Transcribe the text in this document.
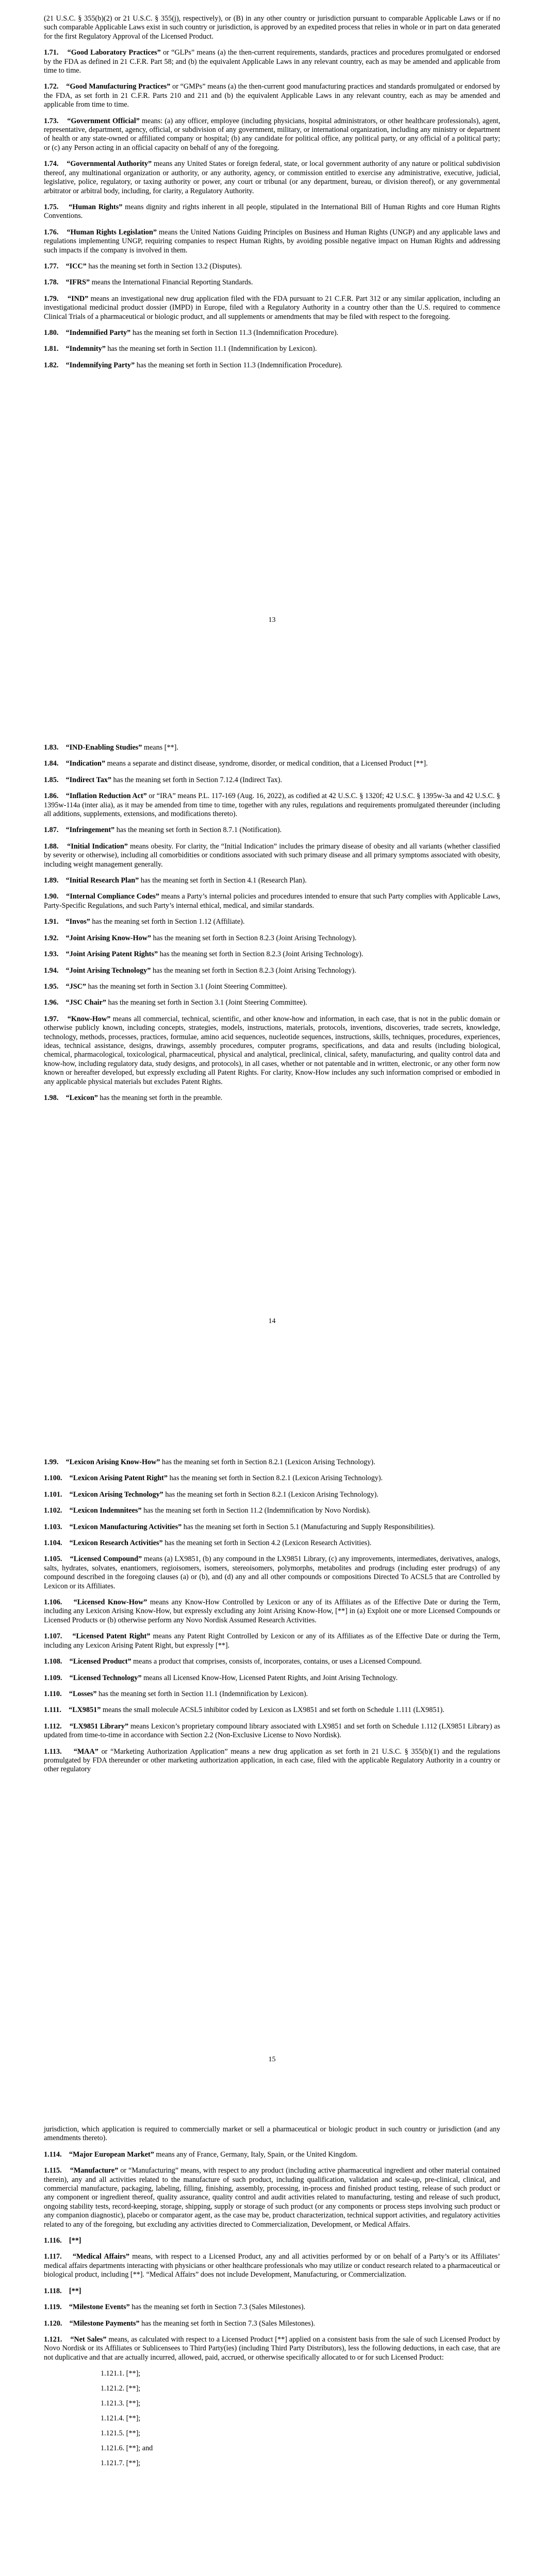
(21 U.S.C. § 355(b)(2) or 21 U.S.C. § 355(j), respectively), or (B) in any other country or jurisdiction pursuant to comparable Applicable Laws or if no such comparable Applicable Laws exist in such country or jurisdiction, is approved by an expedited process that relies in whole or in part on data generated for the first Regulatory Approval of the Licensed Product.

1.71. “Good Laboratory Practices” or “GLPs” means (a) the then-current requirements, standards, practices and procedures promulgated or endorsed by the FDA as defined in 21 C.F.R. Part 58; and (b) the equivalent Applicable Laws in any relevant country, each as may be amended and applicable from time to time.

1.72. “Good Manufacturing Practices” or “GMPs” means (a) the then-current good manufacturing practices and standards promulgated or endorsed by the FDA, as set forth in 21 C.F.R. Parts 210 and 211 and (b) the equivalent Applicable Laws in any relevant country, each as may be amended and applicable from time to time.

1.73. “Government Official” means: (a) any officer, employee (including physicians, hospital administrators, or other healthcare professionals), agent, representative, department, agency, official, or subdivision of any government, military, or international organization, including any ministry or department of health or any state-owned or affiliated company or hospital; (b) any candidate for political office, any political party, or any official of a political party; or (c) any Person acting in an official capacity on behalf of any of the foregoing.

1.74. “Governmental Authority” means any United States or foreign federal, state, or local government authority of any nature or political subdivision thereof, any multinational organization or authority, or any authority, agency, or commission entitled to exercise any administrative, executive, judicial, legislative, police, regulatory, or taxing authority or power, any court or tribunal (or any department, bureau, or division thereof), or any governmental arbitrator or arbitral body, including, for clarity, a Regulatory Authority.

1.75. “Human Rights” means dignity and rights inherent in all people, stipulated in the International Bill of Human Rights and core Human Rights Conventions.

1.76. “Human Rights Legislation” means the United Nations Guiding Principles on Business and Human Rights (UNGP) and any applicable laws and regulations implementing UNGP, requiring companies to respect Human Rights, by avoiding possible negative impact on Human Rights and addressing such impacts if the company is involved in them.

1.77. “ICC” has the meaning set forth in Section 13.2 (Disputes).

1.78. “IFRS” means the International Financial Reporting Standards.

1.79. “IND” means an investigational new drug application filed with the FDA pursuant to 21 C.F.R. Part 312 or any similar application, including an investigational medicinal product dossier (IMPD) in Europe, filed with a Regulatory Authority in a country other than the U.S. required to commence Clinical Trials of a pharmaceutical or biologic product, and all supplements or amendments that may be filed with respect to the foregoing.

1.80. “Indemnified Party” has the meaning set forth in Section 11.3 (Indemnification Procedure).

1.81. “Indemnity” has the meaning set forth in Section 11.1 (Indemnification by Lexicon).

1.82. “Indemnifying Party” has the meaning set forth in Section 11.3 (Indemnification Procedure).

1.83. “IND-Enabling Studies” means [**].

1.84. “Indication” means a separate and distinct disease, syndrome, disorder, or medical condition, that a Licensed Product [**].

1.85. “Indirect Tax” has the meaning set forth in Section 7.12.4 (Indirect Tax).

1.86. “Inflation Reduction Act” or “IRA” means P.L. 117-169 (Aug. 16, 2022), as codified at 42 U.S.C. § 1320f; 42 U.S.C. § 1395w-3a and 42 U.S.C. § 1395w-114a (inter alia), as it may be amended from time to time, together with any rules, regulations and requirements promulgated thereunder (including all additions, supplements, extensions, and modifications thereto).

1.87. “Infringement” has the meaning set forth in Section 8.7.1 (Notification).

1.88. “Initial Indication” means obesity. For clarity, the “Initial Indication” includes the primary disease of obesity and all variants (whether classified by severity or otherwise), including all comorbidities or conditions associated with such primary disease and all primary symptoms associated with obesity, including weight management generally.

1.89. “Initial Research Plan” has the meaning set forth in Section 4.1 (Research Plan).

1.90. “Internal Compliance Codes” means a Party’s internal policies and procedures intended to ensure that such Party complies with Applicable Laws, Party-Specific Regulations, and such Party’s internal ethical, medical, and similar standards.

1.91. “Invos” has the meaning set forth in Section 1.12 (Affiliate).

1.92. “Joint Arising Know-How” has the meaning set forth in Section 8.2.3 (Joint Arising Technology).

1.93. “Joint Arising Patent Rights” has the meaning set forth in Section 8.2.3 (Joint Arising Technology).

1.94. “Joint Arising Technology” has the meaning set forth in Section 8.2.3 (Joint Arising Technology).

1.95. “JSC” has the meaning set forth in Section 3.1 (Joint Steering Committee).

1.96. “JSC Chair” has the meaning set forth in Section 3.1 (Joint Steering Committee).

1.97. “Know-How” means all commercial, technical, scientific, and other know-how and information, in each case, that is not in the public domain or otherwise publicly known, including concepts, strategies, models, instructions, materials, protocols, inventions, discoveries, trade secrets, knowledge, technology, methods, processes, practices, formulae, amino acid sequences, nucleotide sequences, instructions, skills, techniques, procedures, experiences, ideas, technical assistance, designs, drawings, assembly procedures, computer programs, specifications, and data and results (including biological, chemical, pharmacological, toxicological, pharmaceutical, physical and analytical, preclinical, clinical, safety, manufacturing, and quality control data and know-how, including regulatory data, study designs, and protocols), in all cases, whether or not patentable and in written, electronic, or any other form now known or hereafter developed, but expressly excluding all Patent Rights. For clarity, Know-How includes any such information comprised or embodied in any applicable physical materials but excludes Patent Rights.

1.98. “Lexicon” has the meaning set forth in the preamble.

1.99. “Lexicon Arising Know-How” has the meaning set forth in Section 8.2.1 (Lexicon Arising Technology).

1.100. “Lexicon Arising Patent Right” has the meaning set forth in Section 8.2.1 (Lexicon Arising Technology).

1.101. “Lexicon Arising Technology” has the meaning set forth in Section 8.2.1 (Lexicon Arising Technology).

1.102. “Lexicon Indemnitees” has the meaning set forth in Section 11.2 (Indemnification by Novo Nordisk).

1.103. “Lexicon Manufacturing Activities” has the meaning set forth in Section 5.1 (Manufacturing and Supply Responsibilities).

1.104. “Lexicon Research Activities” has the meaning set forth in Section 4.2 (Lexicon Research Activities).

1.105. “Licensed Compound” means (a) LX9851, (b) any compound in the LX9851 Library, (c) any improvements, intermediates, derivatives, analogs, salts, hydrates, solvates, enantiomers, regioisomers, isomers, stereoisomers, polymorphs, metabolites and prodrugs (including ester prodrugs) of any compound described in the foregoing clauses (a) or (b), and (d) any and all other compounds or compositions Directed To ACSL5 that are Controlled by Lexicon or its Affiliates.

1.106. “Licensed Know-How” means any Know-How Controlled by Lexicon or any of its Affiliates as of the Effective Date or during the Term, including any Lexicon Arising Know-How, but expressly excluding any Joint Arising Know-How, [**] in (a) Exploit one or more Licensed Compounds or Licensed Products or (b) otherwise perform any Novo Nordisk Assumed Research Activities.

1.107. “Licensed Patent Right” means any Patent Right Controlled by Lexicon or any of its Affiliates as of the Effective Date or during the Term, including any Lexicon Arising Patent Right, but expressly [**].

1.108. “Licensed Product” means a product that comprises, consists of, incorporates, contains, or uses a Licensed Compound.

1.109. “Licensed Technology” means all Licensed Know-How, Licensed Patent Rights, and Joint Arising Technology.

1.110. “Losses” has the meaning set forth in Section 11.1 (Indemnification by Lexicon).

1.111. “LX9851” means the small molecule ACSL5 inhibitor coded by Lexicon as LX9851 and set forth on Schedule 1.111 (LX9851).

1.112. “LX9851 Library” means Lexicon’s proprietary compound library associated with LX9851 and set forth on Schedule 1.112 (LX9851 Library) as updated from time-to-time in accordance with Section 2.2 (Non-Exclusive License to Novo Nordisk).

1.113. “MAA” or “Marketing Authorization Application” means a new drug application as set forth in 21 U.S.C. § 355(b)(1) and the regulations promulgated by FDA thereunder or other marketing authorization application, in each case, filed with the applicable Regulatory Authority in a country or other regulatory

jurisdiction, which application is required to commercially market or sell a pharmaceutical or biologic product in such country or jurisdiction (and any amendments thereto).

1.114. “Major European Market” means any of France, Germany, Italy, Spain, or the United Kingdom.

1.115. “Manufacture” or “Manufacturing” means, with respect to any product (including active pharmaceutical ingredient and other material contained therein), any and all activities related to the manufacture of such product, including qualification, validation and scale-up, pre-clinical, clinical, and commercial manufacture, packaging, labeling, filling, finishing, assembly, processing, in-process and finished product testing, release of such product or any component or ingredient thereof, quality assurance, quality control and audit activities related to manufacturing, testing and release of such product, ongoing stability tests, record-keeping, storage, shipping, supply or storage of such product (or any components or process steps involving such product or any companion diagnostic), placebo or comparator agent, as the case may be, product characterization, technical support activities, and regulatory activities related to any of the foregoing, but excluding any activities directed to Commercialization, Development, or Medical Affairs.

1.116. [**]

1.117. “Medical Affairs” means, with respect to a Licensed Product, any and all activities performed by or on behalf of a Party’s or its Affiliates’ medical affairs departments interacting with physicians or other healthcare professionals who may utilize or conduct research related to a pharmaceutical or biological product, including [**]. “Medical Affairs” does not include Development, Manufacturing, or Commercialization.

1.118. [**]

1.119. “Milestone Events” has the meaning set forth in Section 7.3 (Sales Milestones).

1.120. “Milestone Payments” has the meaning set forth in Section 7.3 (Sales Milestones).

1.121. “Net Sales” means, as calculated with respect to a Licensed Product [**] applied on a consistent basis from the sale of such Licensed Product by Novo Nordisk or its Affiliates or Sublicensees to Third Party(ies) (including Third Party Distributors), less the following deductions, in each case, that are not duplicative and that are actually incurred, allowed, paid, accrued, or otherwise specifically allocated to or for such Licensed Product:

1.121.1. [**];
1.121.2. [**];
1.121.3. [**];
1.121.4. [**];
1.121.5. [**];
1.121.6. [**]; and
1.121.7. [**];
13
14
15
